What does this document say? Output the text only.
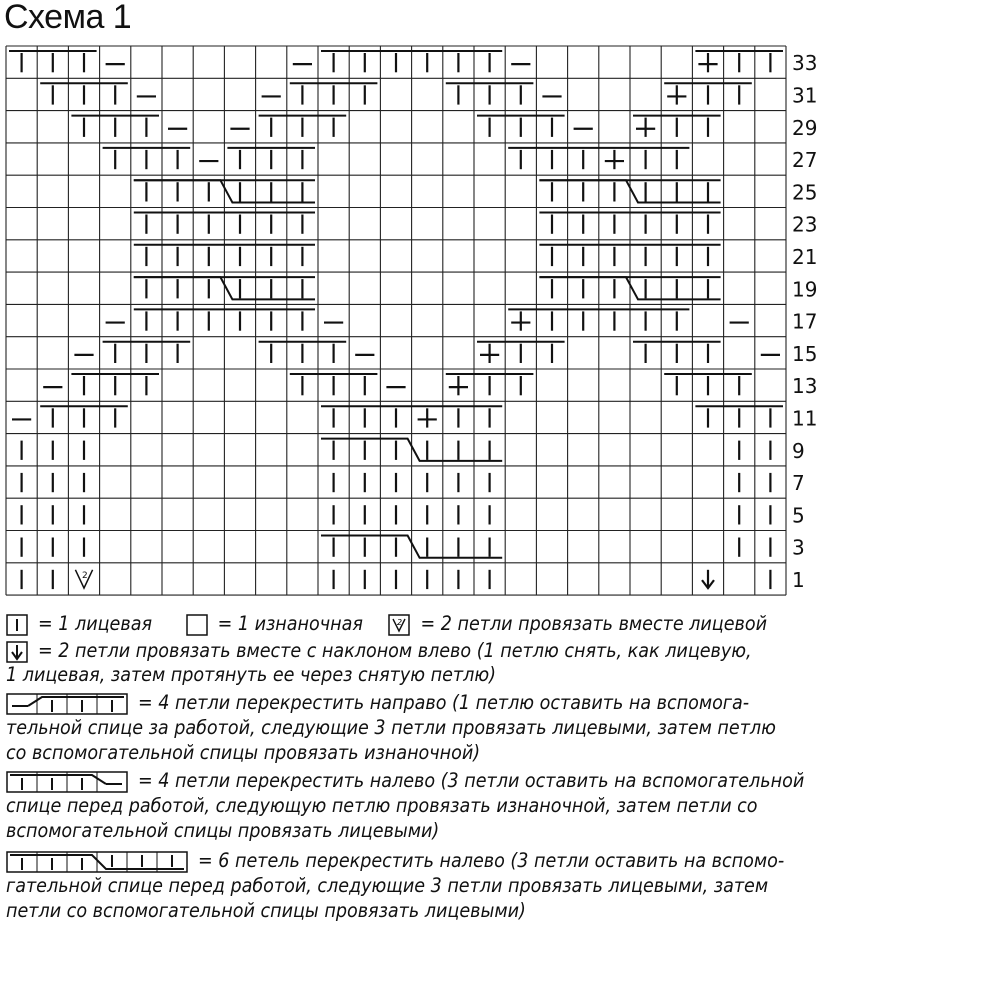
Схема 1
2
33
31
29
27
25
23
21
19
17
15
13
11
9
7
5
3
1
= 1 лицевая	= 1 изнаночная	2 = 2 петли провязать вместе лицевой
= 2 петли провязать вместе с наклоном влево (1 петлю снять, как лицевую,
1 лицевая, затем протянуть ее через снятую петлю)
= 4 петли перекрестить направо (1 петлю оставить на вспомога-
тельной спице за работой, следующие 3 петли провязать лицевыми, затем петлю
со вспомогательной спицы провязать изнаночной)
= 4 петли перекрестить налево (3 петли оставить на вспомогательной
спице перед работой, следующую петлю провязать изнаночной, затем петли со
вспомогательной спицы провязать лицевыми)
= 6 петель перекрестить налево (3 петли оставить на вспомо-
гательной спице перед работой, следующие 3 петли провязать лицевыми, затем
петли со вспомогательной спицы провязать лицевыми)
